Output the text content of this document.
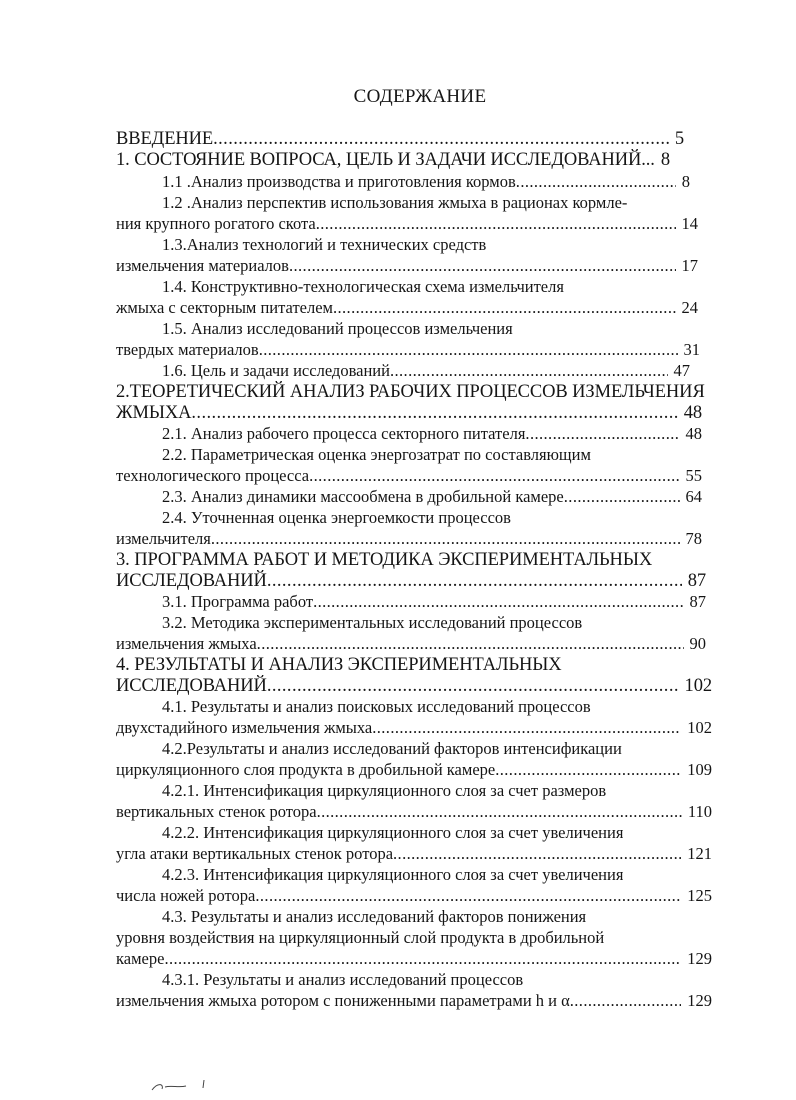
СОДЕРЖАНИЕ
ВВЕДЕНИЕ .....	5
1. СОСТОЯНИЕ ВОПРОСА, ЦЕЛЬ И ЗАДАЧИ ИССЛЕДОВАНИЙ... 8
1.1 .Анализ производства и приготовления кормов .....	8
1.2 .Анализ перспектив использования жмыха в рационах кормле-
ния крупного рогатого скота .....	14
1.3.Анализ технологий и технических средств
измельчения материалов .....	17
1.4. Конструктивно-технологическая схема измельчителя
жмыха с секторным питателем .....	24
1.5. Анализ исследований процессов измельчения
твердых материалов .....	31
1.6. Цель и задачи исследований .....	47
2.ТЕОРЕТИЧЕСКИЙ АНАЛИЗ РАБОЧИХ ПРОЦЕССОВ ИЗМЕЛЬЧЕНИЯ
ЖМЫХА .....	48
2.1. Анализ рабочего процесса секторного питателя .....	48
2.2. Параметрическая оценка энергозатрат по составляющим
технологического процесса .....	55
2.3. Анализ динамики массообмена в дробильной камере .....	64
2.4. Уточненная оценка энергоемкости процессов
измельчителя .....	78
3. ПРОГРАММА РАБОТ И МЕТОДИКА ЭКСПЕРИМЕНТАЛЬНЫХ
ИССЛЕДОВАНИЙ .....	87
3.1. Программа работ .....	87
3.2. Методика экспериментальных исследований процессов
измельчения жмыха .....	90
4. РЕЗУЛЬТАТЫ И АНАЛИЗ ЭКСПЕРИМЕНТАЛЬНЫХ
ИССЛЕДОВАНИЙ .....	102
4.1. Результаты и анализ поисковых исследований процессов
двухстадийного измельчения жмыха .....	102
4.2.Результаты и анализ исследований факторов интенсификации
циркуляционного слоя продукта в дробильной камере .....	109
4.2.1. Интенсификация циркуляционного слоя за счет размеров
вертикальных стенок ротора .....	110
4.2.2. Интенсификация циркуляционного слоя за счет увеличения
угла атаки вертикальных стенок ротора .....	121
4.2.3. Интенсификация циркуляционного слоя за счет увеличения
числа ножей ротора .....	125
4.3. Результаты и анализ исследований факторов понижения
уровня воздействия на циркуляционный слой продукта в дробильной
камере .....	129
4.3.1. Результаты и анализ исследований процессов
измельчения жмыха ротором с пониженными параметрами h и α .....	129
